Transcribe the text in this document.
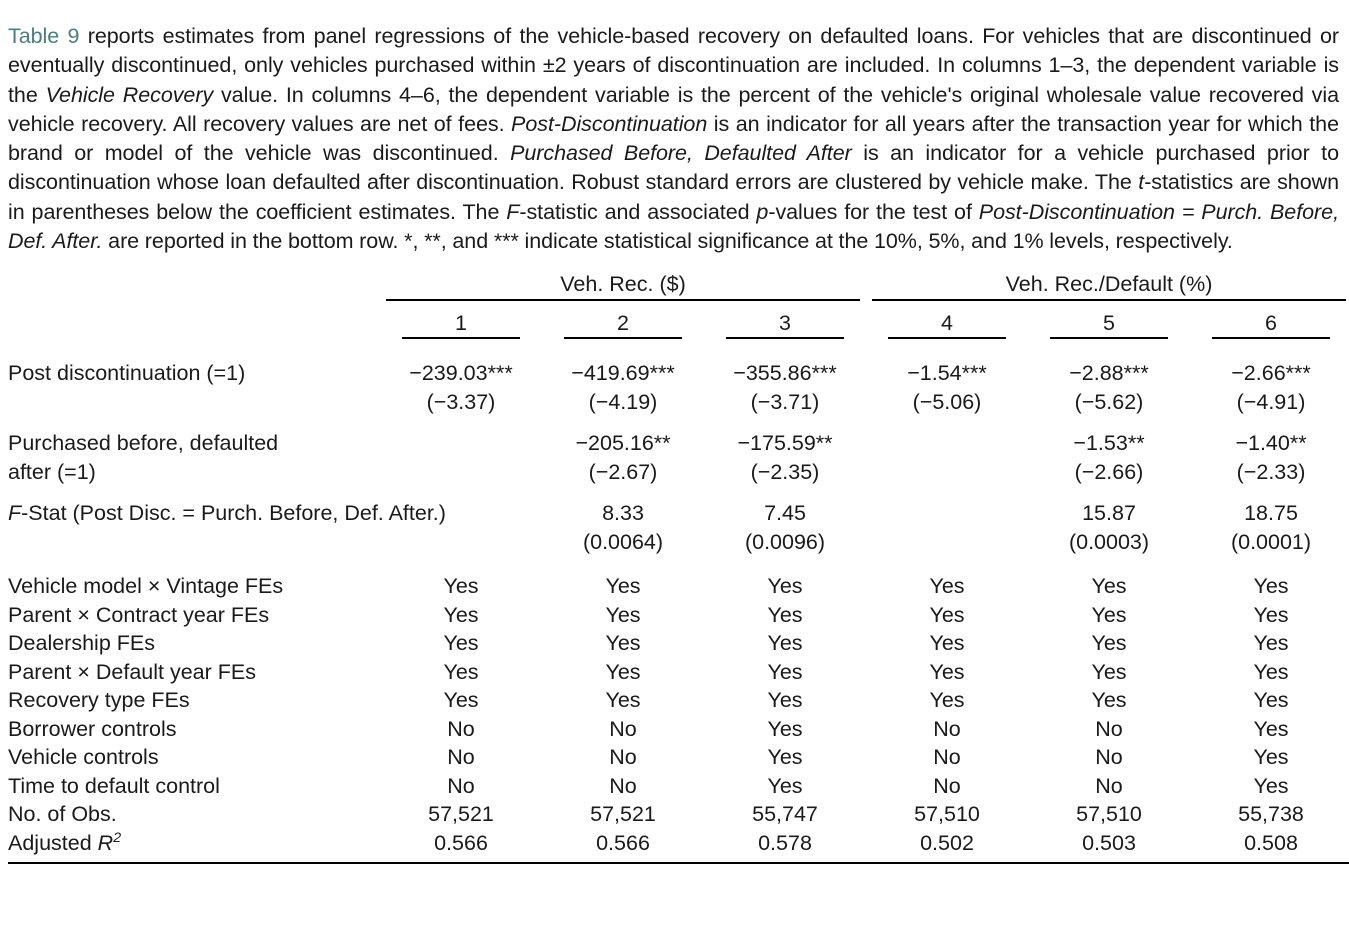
Table 9 reports estimates from panel regressions of the vehicle-based recovery on defaulted loans. For vehicles that are discontinued or eventually discontinued, only vehicles purchased within ±2 years of discontinuation are included. In columns 1–3, the dependent variable is the Vehicle Recovery value. In columns 4–6, the dependent variable is the percent of the vehicle's original wholesale value recovered via vehicle recovery. All recovery values are net of fees. Post-Discontinuation is an indicator for all years after the transaction year for which the brand or model of the vehicle was discontinued. Purchased Before, Defaulted After is an indicator for a vehicle purchased prior to discontinuation whose loan defaulted after discontinuation. Robust standard errors are clustered by vehicle make. The t-statistics are shown in parentheses below the coefficient estimates. The F-statistic and associated p-values for the test of Post-Discontinuation = Purch. Before, Def. After. are reported in the bottom row. *, **, and *** indicate statistical significance at the 10%, 5%, and 1% levels, respectively.

	Veh. Rec. ($)			Veh. Rec./Default (%)		

	1	2	3	4	5	6

Post discontinuation (=1)	−239.03***	−419.69***	−355.86***	−1.54***	−2.88***	−2.66***
	(−3.37)	(−4.19)	(−3.71)	(−5.06)	(−5.62)	(−4.91)

Purchased before, defaulted		−205.16**	−175.59**		−1.53**	−1.40**
after (=1)		(−2.67)	(−2.35)		(−2.66)	(−2.33)

F-Stat (Post Disc. = Purch. Before, Def. After.)		8.33	7.45		15.87	18.75
		(0.0064)	(0.0096)		(0.0003)	(0.0001)

Vehicle model × Vintage FEs	Yes	Yes	Yes	Yes	Yes	Yes
Parent × Contract year FEs	Yes	Yes	Yes	Yes	Yes	Yes
Dealership FEs	Yes	Yes	Yes	Yes	Yes	Yes
Parent × Default year FEs	Yes	Yes	Yes	Yes	Yes	Yes
Recovery type FEs	Yes	Yes	Yes	Yes	Yes	Yes
Borrower controls	No	No	Yes	No	No	Yes
Vehicle controls	No	No	Yes	No	No	Yes
Time to default control	No	No	Yes	No	No	Yes
No. of Obs.	57,521	57,521	55,747	57,510	57,510	55,738
Adjusted $R^2$	0.566	0.566	0.578	0.502	0.503	0.508
